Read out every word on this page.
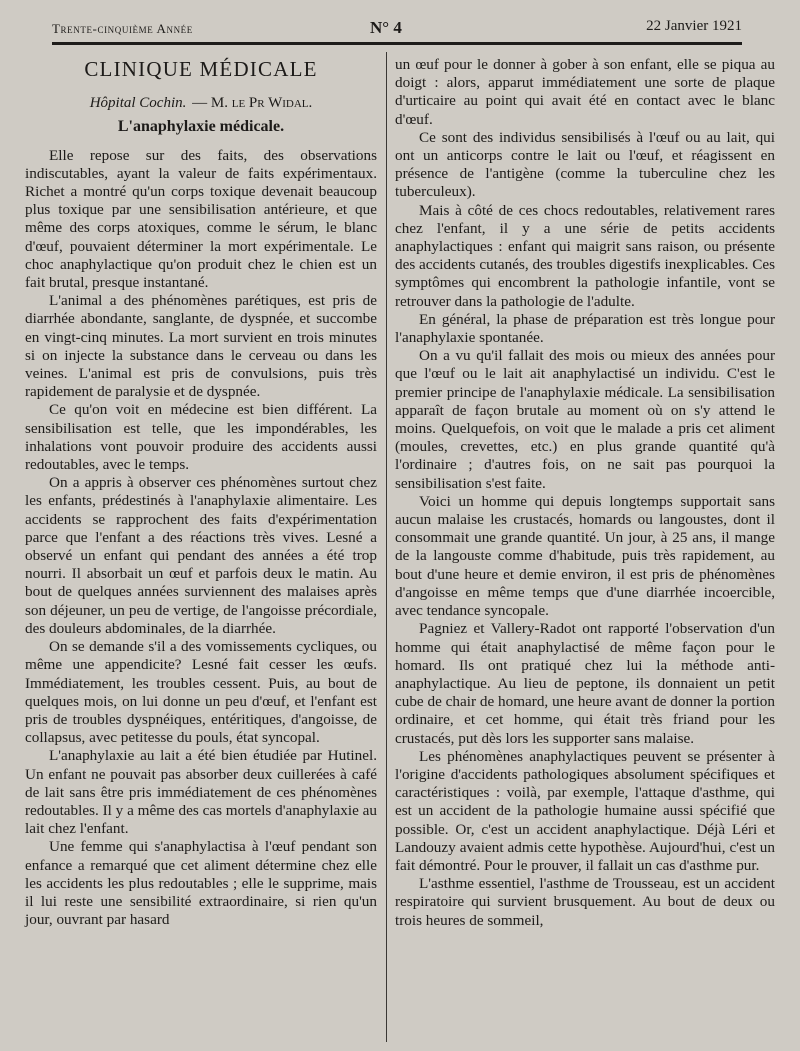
Trente-cinquième Année	N° 4	22 Janvier 1921
CLINIQUE MÉDICALE
Hôpital Cochin. — M. le Pr Widal.
L'anaphylaxie médicale.

Elle repose sur des faits, des observations indiscutables, ayant la valeur de faits expérimentaux. Richet a montré qu'un corps toxique devenait beaucoup plus toxique par une sensibilisation antérieure, et que même des corps atoxiques, comme le sérum, le blanc d'œuf, pouvaient déterminer la mort expérimentale. Le choc anaphylactique qu'on produit chez le chien est un fait brutal, presque instantané.

L'animal a des phénomènes parétiques, est pris de diarrhée abondante, sanglante, de dyspnée, et succombe en vingt-cinq minutes. La mort survient en trois minutes si on injecte la substance dans le cerveau ou dans les veines. L'animal est pris de convulsions, puis très rapidement de paralysie et de dyspnée.

Ce qu'on voit en médecine est bien différent. La sensibilisation est telle, que les impondérables, les inhalations vont pouvoir produire des accidents aussi redoutables, avec le temps.

On a appris à observer ces phénomènes surtout chez les enfants, prédestinés à l'anaphylaxie alimentaire. Les accidents se rapprochent des faits d'expérimentation parce que l'enfant a des réactions très vives. Lesné a observé un enfant qui pendant des années a été trop nourri. Il absorbait un œuf et parfois deux le matin. Au bout de quelques années surviennent des malaises après son déjeuner, un peu de vertige, de l'angoisse précordiale, des douleurs abdominales, de la diarrhée.

On se demande s'il a des vomissements cycliques, ou même une appendicite? Lesné fait cesser les œufs. Immédiatement, les troubles cessent. Puis, au bout de quelques mois, on lui donne un peu d'œuf, et l'enfant est pris de troubles dyspnéiques, entéritiques, d'angoisse, de collapsus, avec petitesse du pouls, état syncopal.

L'anaphylaxie au lait a été bien étudiée par Hutinel. Un enfant ne pouvait pas absorber deux cuillerées à café de lait sans être pris immédiatement de ces phénomènes redoutables. Il y a même des cas mortels d'anaphylaxie au lait chez l'enfant.

Une femme qui s'anaphylactisa à l'œuf pendant son enfance a remarqué que cet aliment détermine chez elle les accidents les plus redoutables ; elle le supprime, mais il lui reste une sensibilité extraordinaire, si rien qu'un jour, ouvrant par hasard

un œuf pour le donner à gober à son enfant, elle se piqua au doigt : alors, apparut immédiatement une sorte de plaque d'urticaire au point qui avait été en contact avec le blanc d'œuf.

Ce sont des individus sensibilisés à l'œuf ou au lait, qui ont un anticorps contre le lait ou l'œuf, et réagissent en présence de l'antigène (comme la tuberculine chez les tuberculeux).

Mais à côté de ces chocs redoutables, relativement rares chez l'enfant, il y a une série de petits accidents anaphylactiques : enfant qui maigrit sans raison, ou présente des accidents cutanés, des troubles digestifs inexplicables. Ces symptômes qui encombrent la pathologie infantile, vont se retrouver dans la pathologie de l'adulte.

En général, la phase de préparation est très longue pour l'anaphylaxie spontanée.

On a vu qu'il fallait des mois ou mieux des années pour que l'œuf ou le lait ait anaphylactisé un individu. C'est le premier principe de l'anaphylaxie médicale. La sensibilisation apparaît de façon brutale au moment où on s'y attend le moins. Quelquefois, on voit que le malade a pris cet aliment (moules, crevettes, etc.) en plus grande quantité qu'à l'ordinaire ; d'autres fois, on ne sait pas pourquoi la sensibilisation s'est faite.

Voici un homme qui depuis longtemps supportait sans aucun malaise les crustacés, homards ou langoustes, dont il consommait une grande quantité. Un jour, à 25 ans, il mange de la langouste comme d'habitude, puis très rapidement, au bout d'une heure et demie environ, il est pris de phénomènes d'angoisse en même temps que d'une diarrhée incoercible, avec tendance syncopale.

Pagniez et Vallery-Radot ont rapporté l'observation d'un homme qui était anaphylactisé de même façon pour le homard. Ils ont pratiqué chez lui la méthode anti-anaphylactique. Au lieu de peptone, ils donnaient un petit cube de chair de homard, une heure avant de donner la portion ordinaire, et cet homme, qui était très friand pour les crustacés, put dès lors les supporter sans malaise.

Les phénomènes anaphylactiques peuvent se présenter à l'origine d'accidents pathologiques absolument spécifiques et caractéristiques : voilà, par exemple, l'attaque d'asthme, qui est un accident de la pathologie humaine aussi spécifié que possible. Or, c'est un accident anaphylactique. Déjà Léri et Landouzy avaient admis cette hypothèse. Aujourd'hui, c'est un fait démontré. Pour le prouver, il fallait un cas d'asthme pur.

L'asthme essentiel, l'asthme de Trousseau, est un accident respiratoire qui survient brusquement. Au bout de deux ou trois heures de sommeil,
